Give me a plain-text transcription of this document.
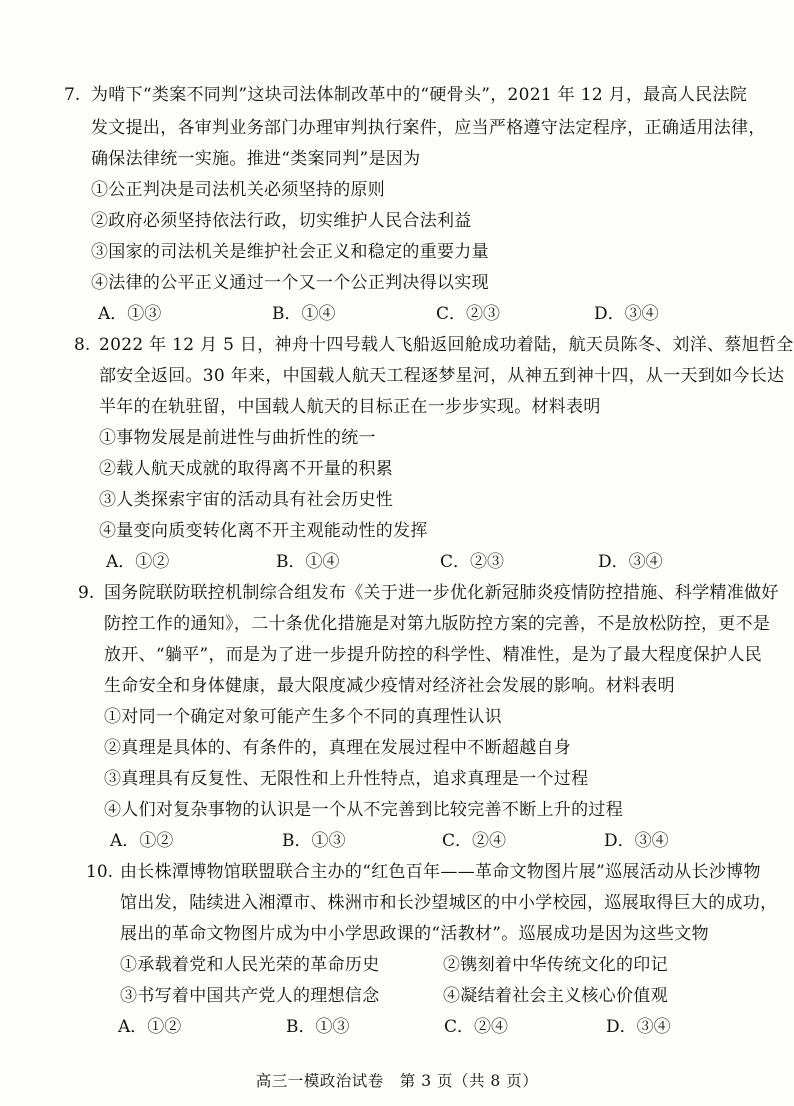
7. 为啃下“类案不同判”这块司法体制改革中的“硬骨头”，2021 年 12 月，最高人民法院
发文提出，各审判业务部门办理审判执行案件，应当严格遵守法定程序，正确适用法律，
确保法律统一实施。推进“类案同判”是因为
①公正判决是司法机关必须坚持的原则
②政府必须坚持依法行政，切实维护人民合法利益
③国家的司法机关是维护社会正义和稳定的重要力量
④法律的公平正义通过一个又一个公正判决得以实现
A．①③	B．①④	C．②③	D．③④
8. 2022 年 12 月 5 日，神舟十四号载人飞船返回舱成功着陆，航天员陈冬、刘洋、蔡旭哲全
部安全返回。30 年来，中国载人航天工程逐梦星河，从神五到神十四，从一天到如今长达
半年的在轨驻留，中国载人航天的目标正在一步步实现。材料表明
①事物发展是前进性与曲折性的统一
②载人航天成就的取得离不开量的积累
③人类探索宇宙的活动具有社会历史性
④量变向质变转化离不开主观能动性的发挥
A．①②	B．①④	C．②③	D．③④
9. 国务院联防联控机制综合组发布《关于进一步优化新冠肺炎疫情防控措施、科学精准做好
防控工作的通知》，二十条优化措施是对第九版防控方案的完善，不是放松防控，更不是
放开、“躺平”，而是为了进一步提升防控的科学性、精准性，是为了最大程度保护人民
生命安全和身体健康，最大限度减少疫情对经济社会发展的影响。材料表明
①对同一个确定对象可能产生多个不同的真理性认识
②真理是具体的、有条件的，真理在发展过程中不断超越自身
③真理具有反复性、无限性和上升性特点，追求真理是一个过程
④人们对复杂事物的认识是一个从不完善到比较完善不断上升的过程
A．①②	B．①③	C．②④	D．③④
10. 由长株潭博物馆联盟联合主办的“红色百年——革命文物图片展”巡展活动从长沙博物
馆出发，陆续进入湘潭市、株洲市和长沙望城区的中小学校园，巡展取得巨大的成功，
展出的革命文物图片成为中小学思政课的“活教材”。巡展成功是因为这些文物
①承载着党和人民光荣的革命历史	②镌刻着中华传统文化的印记
③书写着中国共产党人的理想信念	④凝结着社会主义核心价值观
A．①②	B．①③	C．②④	D．③④
高三一模政治试卷　第 3 页（共 8 页）
